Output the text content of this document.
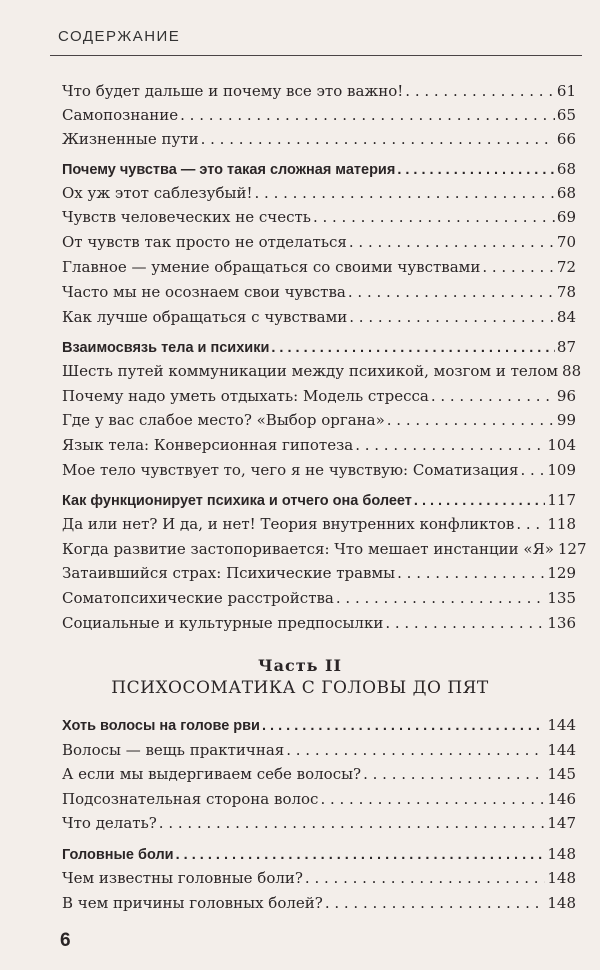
СОДЕРЖАНИЕ
Что будет дальше и почему все это важно! . . .	61
Самопознание . . .	65
Жизненные пути . . .	66
Почему чувства — это такая сложная материя . . .	68
Ох уж этот саблезубый! . . .	68
Чувств человеческих не счесть . . .	69
От чувств так просто не отделаться . . .	70
Главное — умение обращаться со своими чувствами . . .	72
Часто мы не осознаем свои чувства . . .	78
Как лучше обращаться с чувствами . . .	84
Взаимосвязь тела и психики . . .	87
Шесть путей коммуникации между психикой, мозгом и телом 88
Почему надо уметь отдыхать: Модель стресса . . .	96
Где у вас слабое место? «Выбор органа» . . .	99
Язык тела: Конверсионная гипотеза . . .	104
Мое тело чувствует то, чего я не чувствую: Соматизация . . . 109
Как функционирует психика и отчего она болеет . . .	117
Да или нет? И да, и нет! Теория внутренних конфликтов . . . 118
Когда развитие застопоривается: Что мешает инстанции «Я» 127
Затаившийся страх: Психические травмы . . .	129
Соматопсихические расстройства . . .	135
Социальные и культурные предпосылки . . .	136
Хоть волосы на голове рви . . .	144
Волосы — вещь практичная . . .	144
А если мы выдергиваем себе волосы? . . .	145
Подсознательная сторона волос . . .	146
Что делать? . . .	147
Головные боли . . .	148
Чем известны головные боли? . . .	148
В чем причины головных болей? . . .	148
Часть II
ПСИХОСОМАТИКА С ГОЛОВЫ ДО ПЯТ
6
